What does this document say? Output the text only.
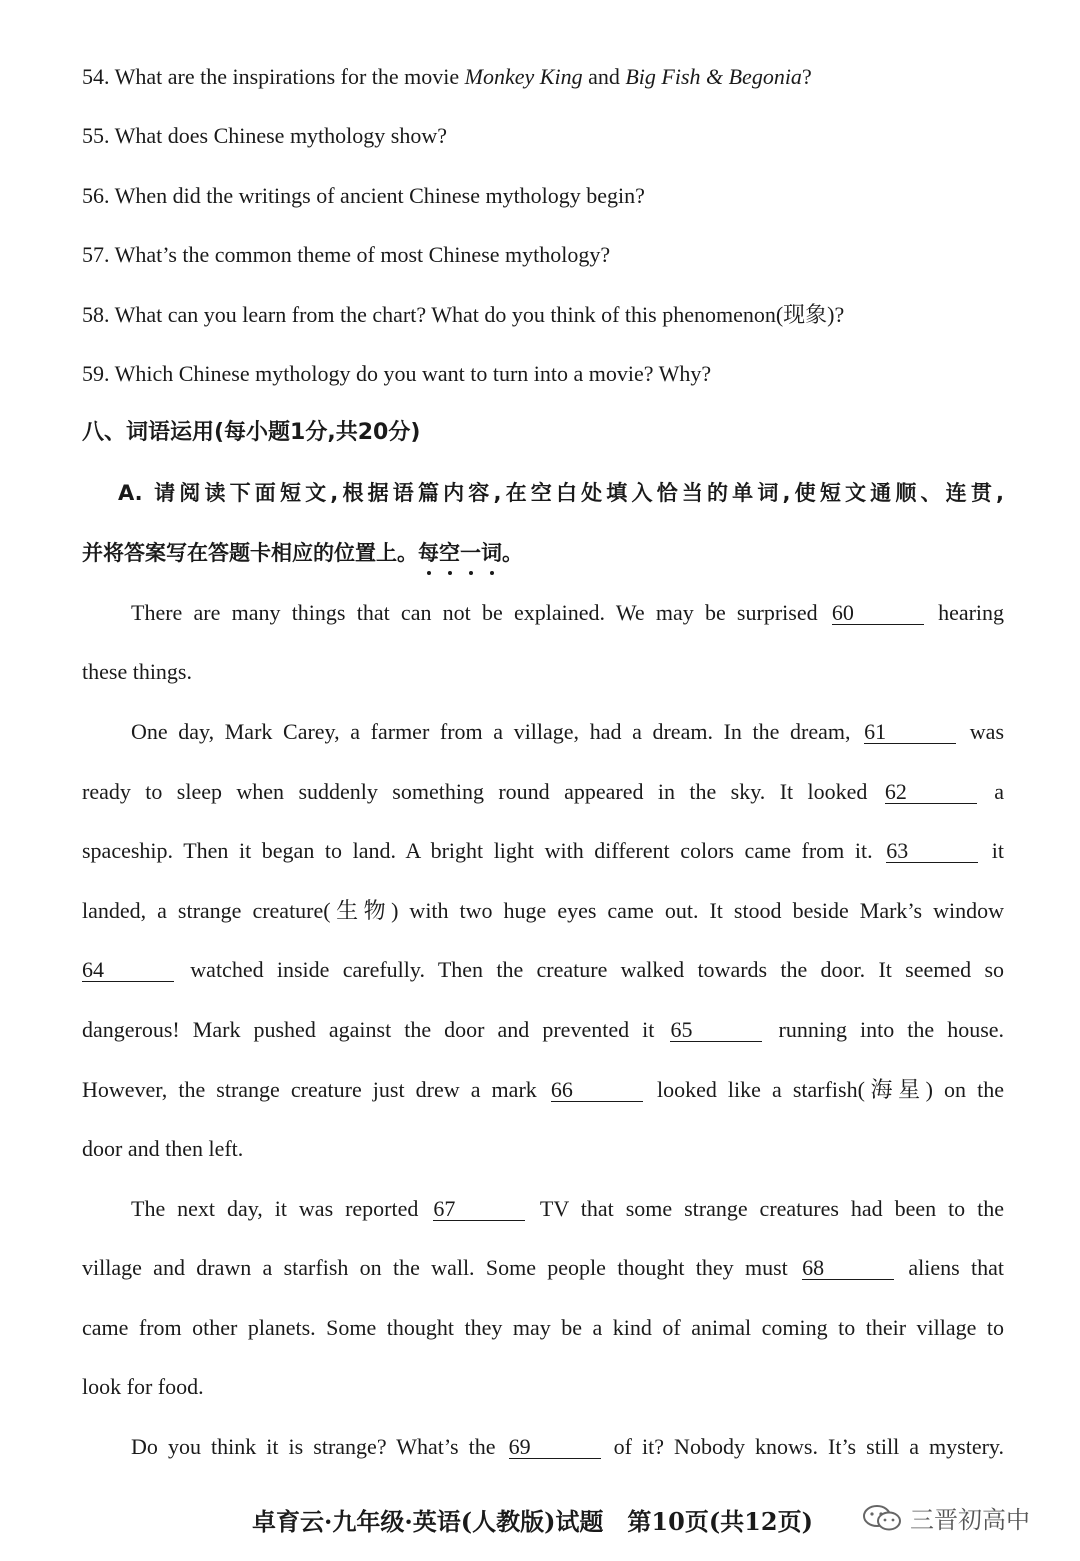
54. What are the inspirations for the movie Monkey King and Big Fish & Begonia?
55. What does Chinese mythology show?
56. When did the writings of ancient Chinese mythology begin?
57. What’s the common theme of most Chinese mythology?
58. What can you learn from the chart? What do you think of this phenomenon(现象)?
59. Which Chinese mythology do you want to turn into a movie? Why?
八、词语运用(每小题1分,共20分)
A. 请阅读下面短文,根据语篇内容,在空白处填入恰当的单词,使短文通顺、连贯,
并将答案写在答题卡相应的位置上。每空一词。
There are many things that can not be explained. We may be surprised 60	hearing
these things.
One day, Mark Carey, a farmer from a village, had a dream. In the dream, 61	was
ready to sleep when suddenly something round appeared in the sky. It looked 62	a
spaceship. Then it began to land. A bright light with different colors came from it. 63	it
landed, a strange creature(生物) with two huge eyes came out. It stood beside Mark’s window
64	watched inside carefully. Then the creature walked towards the door. It seemed so
dangerous! Mark pushed against the door and prevented it 65	running into the house.
However, the strange creature just drew a mark 66	looked like a starfish(海星) on the
door and then left.
The next day, it was reported 67	TV that some strange creatures had been to the
village and drawn a starfish on the wall. Some people thought they must 68	aliens that
came from other planets. Some thought they may be a kind of animal coming to their village to
look for food.
Do you think it is strange? What’s the 69	of it? Nobody knows. It’s still a mystery.
卓育云·九年级·英语(人教版)试题　第10页(共12页)	三晋初高中
